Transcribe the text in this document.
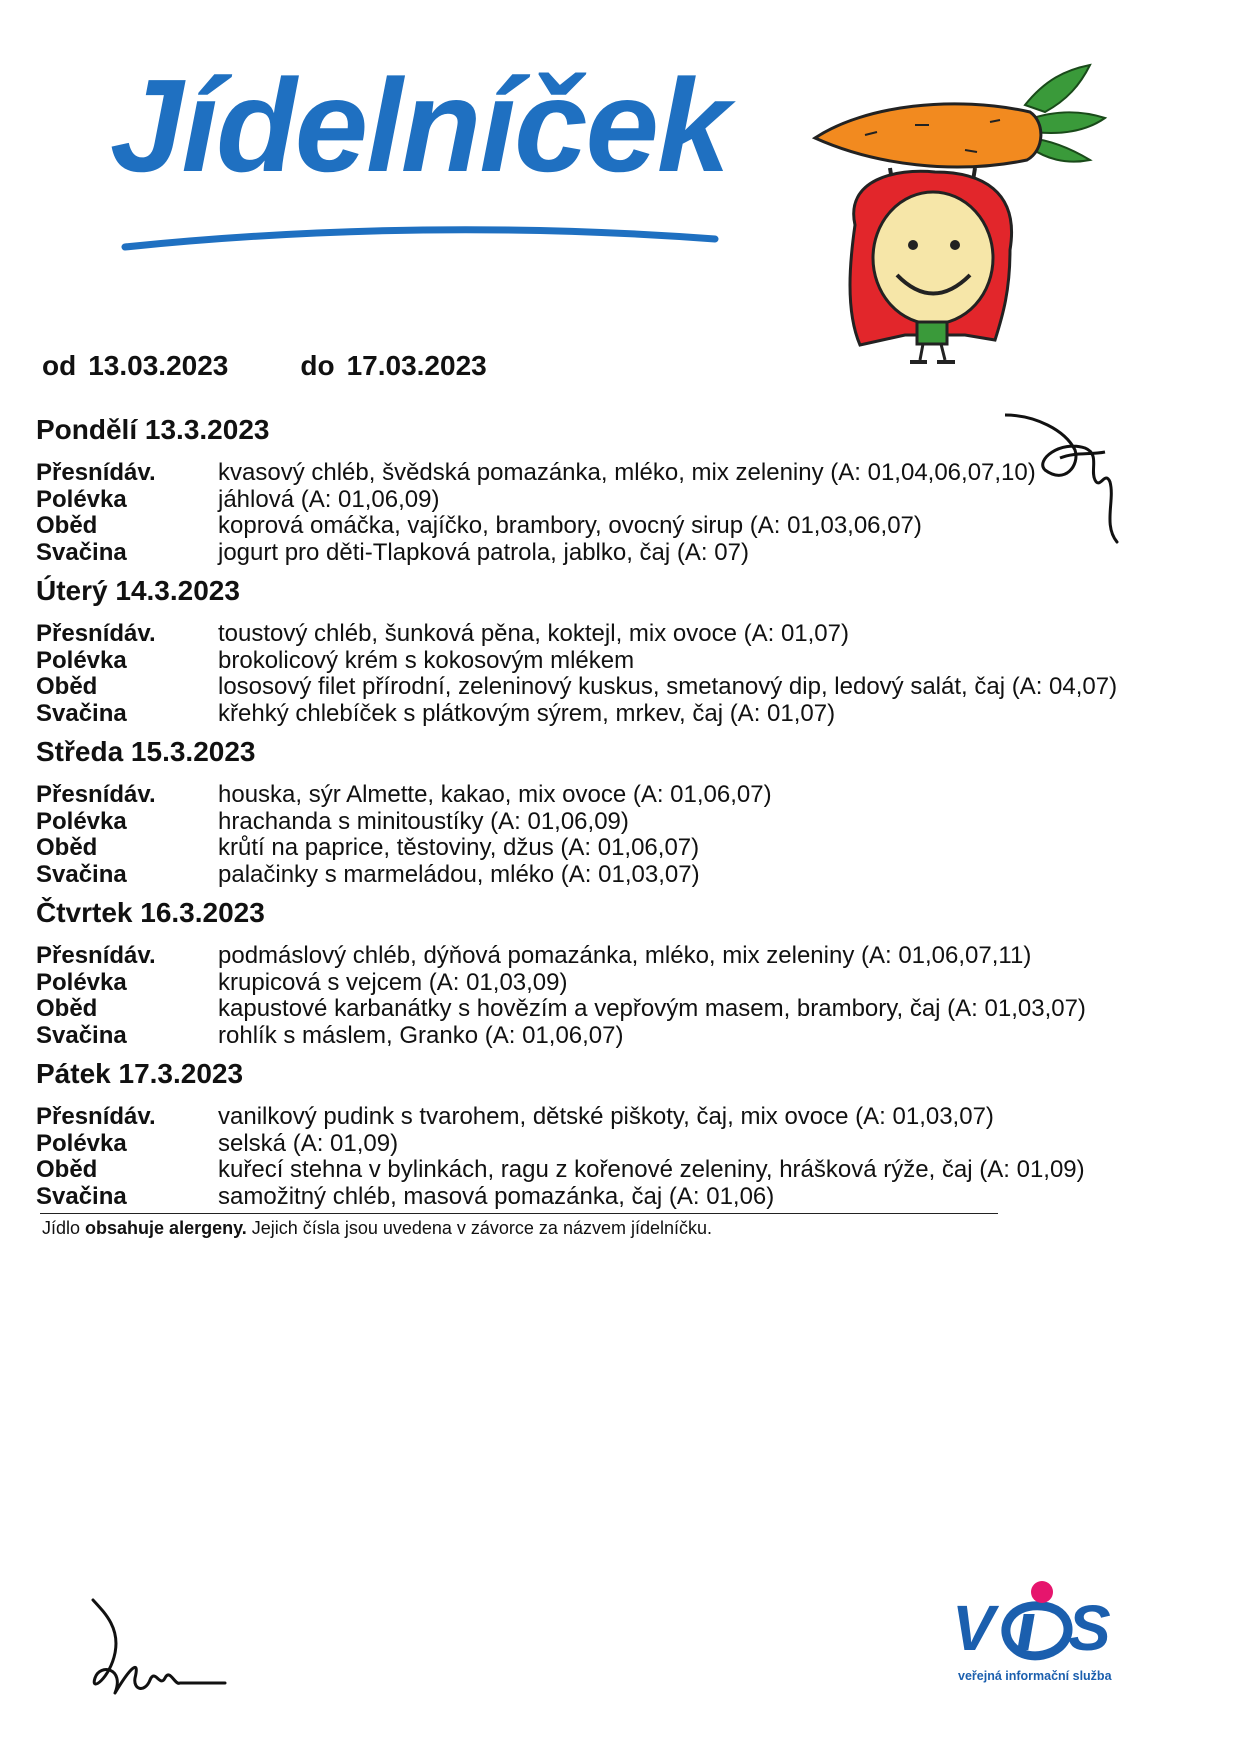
Jídelníček
od 13.03.2023	do 17.03.2023
Pondělí 13.3.2023
Přesnídáv.	kvasový chléb, švědská pomazánka, mléko, mix zeleniny (A: 01,04,06,07,10)
Polévka	jáhlová (A: 01,06,09)
Oběd	koprová omáčka, vajíčko, brambory, ovocný sirup (A: 01,03,06,07)
Svačina	jogurt pro děti-Tlapková patrola, jablko, čaj (A: 07)
Úterý 14.3.2023
Přesnídáv.	toustový chléb, šunková pěna, koktejl, mix ovoce (A: 01,07)
Polévka	brokolicový krém s kokosovým mlékem
Oběd	lososový filet přírodní, zeleninový kuskus, smetanový dip, ledový salát, čaj (A: 04,07)
Svačina	křehký chlebíček s plátkovým sýrem, mrkev, čaj (A: 01,07)
Středa 15.3.2023
Přesnídáv.	houska, sýr Almette, kakao, mix ovoce (A: 01,06,07)
Polévka	hrachanda s minitoustíky (A: 01,06,09)
Oběd	krůtí na paprice, těstoviny, džus (A: 01,06,07)
Svačina	palačinky s marmeládou, mléko (A: 01,03,07)
Čtvrtek 16.3.2023
Přesnídáv.	podmáslový chléb, dýňová pomazánka, mléko, mix zeleniny (A: 01,06,07,11)
Polévka	krupicová s vejcem (A: 01,03,09)
Oběd	kapustové karbanátky s hovězím a vepřovým masem, brambory, čaj (A: 01,03,07)
Svačina	rohlík s máslem, Granko (A: 01,06,07)
Pátek 17.3.2023
Přesnídáv.	vanilkový pudink s tvarohem, dětské piškoty, čaj, mix ovoce (A: 01,03,07)
Polévka	selská (A: 01,09)
Oběd	kuřecí stehna v bylinkách, ragu z kořenové zeleniny, hrášková rýže, čaj (A: 01,09)
Svačina	samožitný chléb, masová pomazánka, čaj (A: 01,06)
Jídlo obsahuje alergeny. Jejich čísla jsou uvedena v závorce za názvem jídelníčku.
V S
veřejná informační služba
